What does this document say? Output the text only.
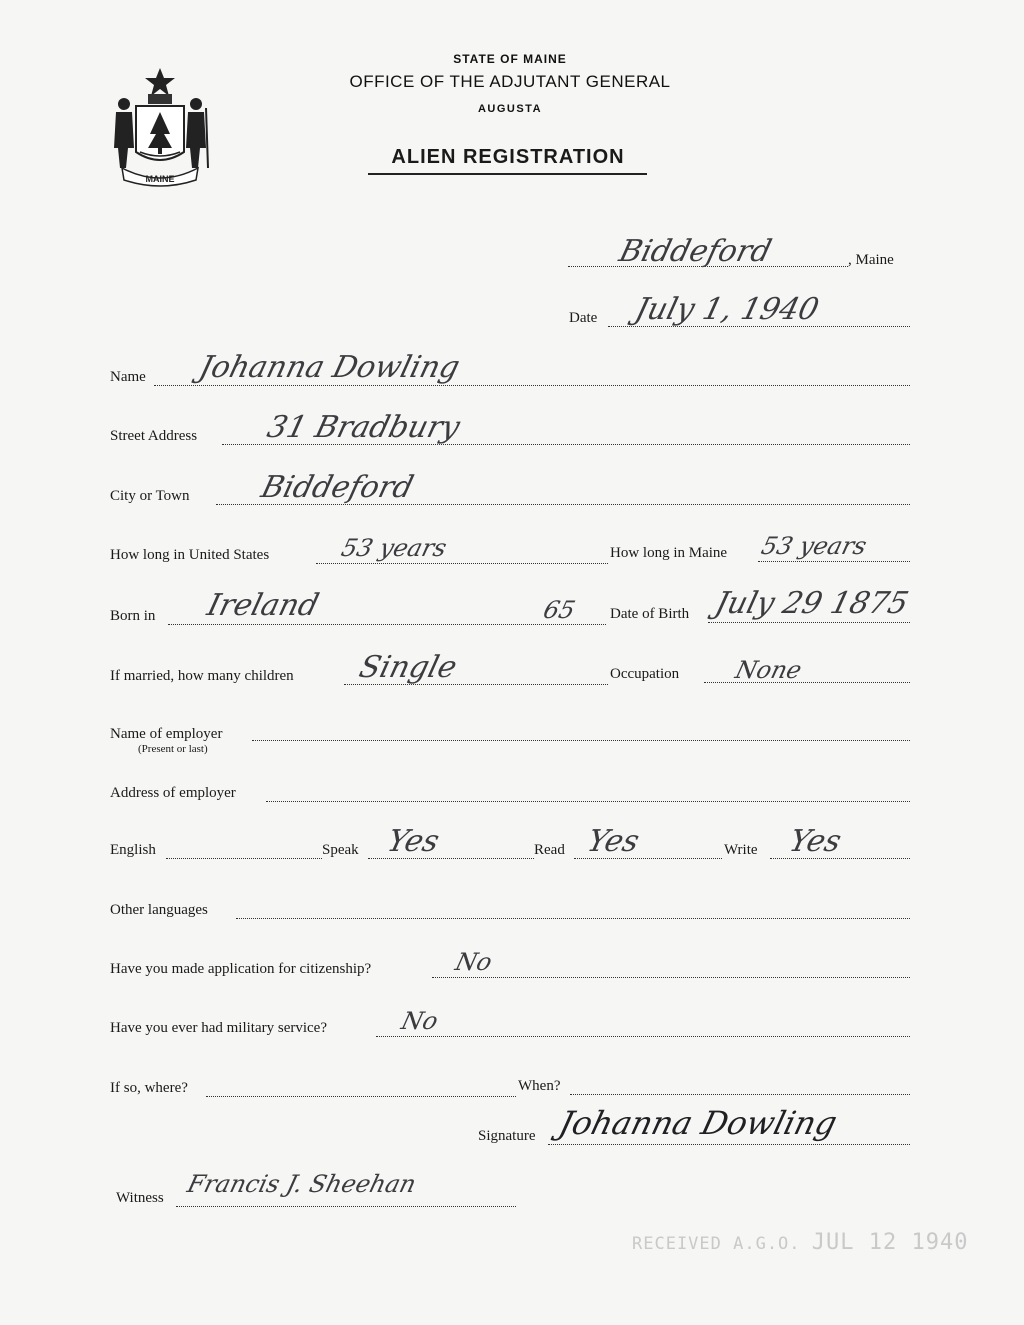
MAINE
STATE OF MAINE
OFFICE OF THE ADJUTANT GENERAL
AUGUSTA
ALIEN REGISTRATION
Biddeford	, Maine
Date July 1, 1940
Name Johanna Dowling
Street Address 31 Bradbury
City or Town Biddeford
How long in United States	53 years	How long in Maine 53 years
Born in Ireland	65 Date of Birth July 29 1875
If married, how many children Single	Occupation None
Name of employer
(Present or last)
Address of employer
English	Speak Yes	Read Yes	Write Yes
Other languages
Have you made application for citizenship?	No
Have you ever had military service?	No
If so, where?	When?
Signature Johanna Dowling
Witness Francis J. Sheehan
RECEIVED A.G.O. JUL 12 1940
